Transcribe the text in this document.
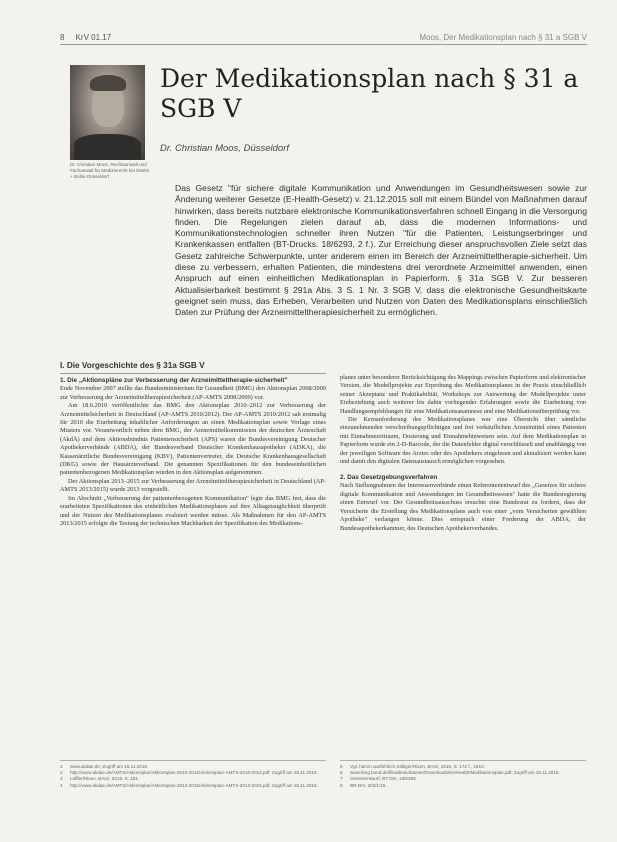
8 KrV 01.17	Moos, Der Medikationsplan nach § 31 a SGB V
Dr. Christian Moos, Rechtsanwalt und Fachanwalt für Medizinrecht bei Dierks + Bohle Düsseldorf
Der Medikationsplan nach § 31 a SGB V
Dr. Christian Moos, Düsseldorf
Das Gesetz "für sichere digitale Kommunikation und Anwendungen im Gesundheitswesen sowie zur Änderung weiterer Gesetze (E-Health-Gesetz) v. 21.12.2015 soll mit einem Bündel von Maßnahmen darauf hinwirken, dass bereits nutzbare elektronische Kommunikationsverfahren schnell Eingang in die Versorgung finden. Die Regelungen zielen darauf ab, dass die modernen Informations- und Kommunikationstechnologien schneller ihren Nutzen "für die Patienten, Leistungserbringer und Krankenkassen entfalten (BT-Drucks. 18/6293, 2 f.). Zur Erreichung dieser anspruchsvollen Ziele setzt das Gesetz zahlreiche Schwerpunkte, unter anderem einen im Bereich der Arzneimitteltherapie-sicherheit. Um diese zu verbessern, erhalten Patienten, die mindestens drei verordnete Arzneimittel anwenden, einen Anspruch auf einen einheitlichen Medikationsplan in Papierform. § 31a SGB V. Zur besseren Aktualisierbarkeit bestimmt § 291a Abs. 3 S. 1 Nr. 3 SGB V, dass die elektronische Gesundheitskarte geeignet sein muss, das Erheben, Verarbeiten und Nutzen von Daten des Medikationsplans einschließlich Daten zur Prüfung der Arzneimitteltherapiesicherheit zu ermöglichen.
I. Die Vorgeschichte des § 31a SGB V
1. Die „Aktionspläne zur Verbesserung der Arzneimitteltherapie-sicherheit"

Ende November 2007 stellte das Bundesministerium für Gesundheit (BMG) den Aktionsplan 2008/2009 zur Verbesserung der Arzneimitteltherapiesicherheit (AP-AMTS 2008/2009) vor.

Am 18.6.2010 veröffentlichte das BMG den Aktionsplan 2010–2012 zur Verbesserung der Arzneimittelsicherheit in Deutschland (AP-AMTS 2010/2012). Der AP-AMTS 2010/2012 sah erstmalig für 2010 die Erarbeitung inhaltlicher Anforderungen an einen Medikationsplan sowie Vorlage eines Musters vor. Verantwortlich neben dem BMG, der Arzneimittelkommission der deutschen Ärzteschaft (AkdÄ) und dem Aktionsbündnis Patientensicherheit (APS) waren die Bundesvereinigung Deutscher Apothekerverbände (ABDA), der Bundesverband Deutscher Krankenhausapotheker (ADKA), die Kassenärztliche Bundesvereinigung (KBV), Patientenvertreter, die Deutsche Krankenhausgesellschaft (DKG) sowie der Hausärzteverband. Die genannten Spezifikationen für den bundeseinheitlichen patientenbezogenen Medikationsplan wurden in den Aktionsplan aufgenommen.

Der Aktionsplan 2013–2015 zur Verbesserung der Arzneimitteltherapiesicherheit in Deutschland (AP-AMTS 2013/2015) wurde 2013 vorgestellt.

Im Abschnitt „Verbesserung der patientenbezogenen Kommunikation" legte das BMG fest, dass die erarbeiteten Spezifikationen des einheitlichen Medikationsplanes auf ihre Alltagstauglichkeit überprüft und der Nutzen des Medikationsplanes evaluiert werden müsse. Als Maßnahmen für den AP-AMTS 2013/2015 erfolgte die Testung der technischen Machbarkeit der Spezifikation des Medikations-

planes unter besonderer Berücksichtigung des Mappings zwischen Papierform und elektronischer Version, die Modellprojekte zur Erprobung des Medikationsplanes in der Praxis einschließlich seiner Akzeptanz und Praktikabilität, Workshops zur Auswertung der Modellprojekte unter Einbeziehung auch weiterer bis dahin vorliegender Erfahrungen sowie die Erarbeitung von Handlungsempfehlungen für eine Medikationsanamnese und eine Medikationsüberprüfung vor.

Die Kernanforderung des Medikationsplanes war eine Übersicht über sämtliche einzunehmenden verschreibungspflichtigen und frei verkäuflichen Arzneimittel eines Patienten mit Einnahmezeitraum, Dosierung und Einnahmehinweisen sein. Auf dem Medikationsplan in Papierform wurde ein 2-D-Barcode, der die Datenfelder digital verschlüsselt und unabhängig von der jeweiligen Software des Arztes oder des Apothekers eingelesen und aktualisiert werden kann und damit den digitalen Datenaustausch ermöglichen vorgesehen.

2. Das Gesetzgebungsverfahren

Nach Stellungnahmen der Interessenverbände einen Referentenentwurf des „Gesetzes für sichere digitale Kommunikation und Anwendungen im Gesundheitswesen" hatte die Bundesregierung einen Entwurf vor. Der Gesundheitsausschuss ersuchte eine Bundesrat zu fordern, dass der Versicherte die Erstellung des Medikationsplans auch von einer „vom Versicherten gewählten Apotheke" verlangen könne. Dies entsprach einer Forderung der ABDA, der Bundesapothekerkammer, des Deutschen Apothekerverbandes.

1	www.akdae.de; Zugriff am 18.11.2016.
2	http://www.akdae.de/AMTS/Aktionsplan/Aktionsplan-2010-2012/Aktionsplan-AMTS-2010-2012.pdf; Zugriff am 18.11.2016.
3	Löffler/Rixen, BAnz, 2016, S. 181.
4	http://www.akdae.de/AMTS/Aktionsplan/Aktionsplan-2013-2015/Aktionsplan-AMTS-2013-2015.pdf; Zugriff am 18.11.2016.
5	Vgl. hierzu ausführlich Kölliger/Rixen, BAnz, 2016, S. 172 f., 1810.
6	www.bmg.bund.de/fileadmin/dateien/Downloads/E/eHealth/Medikationsplan.pdf; Zugriff am 18.11.2016.
7	Gesetzentwurf, BT-Drs. 18/5293.
8	BR-Drs. 202/1/15.
